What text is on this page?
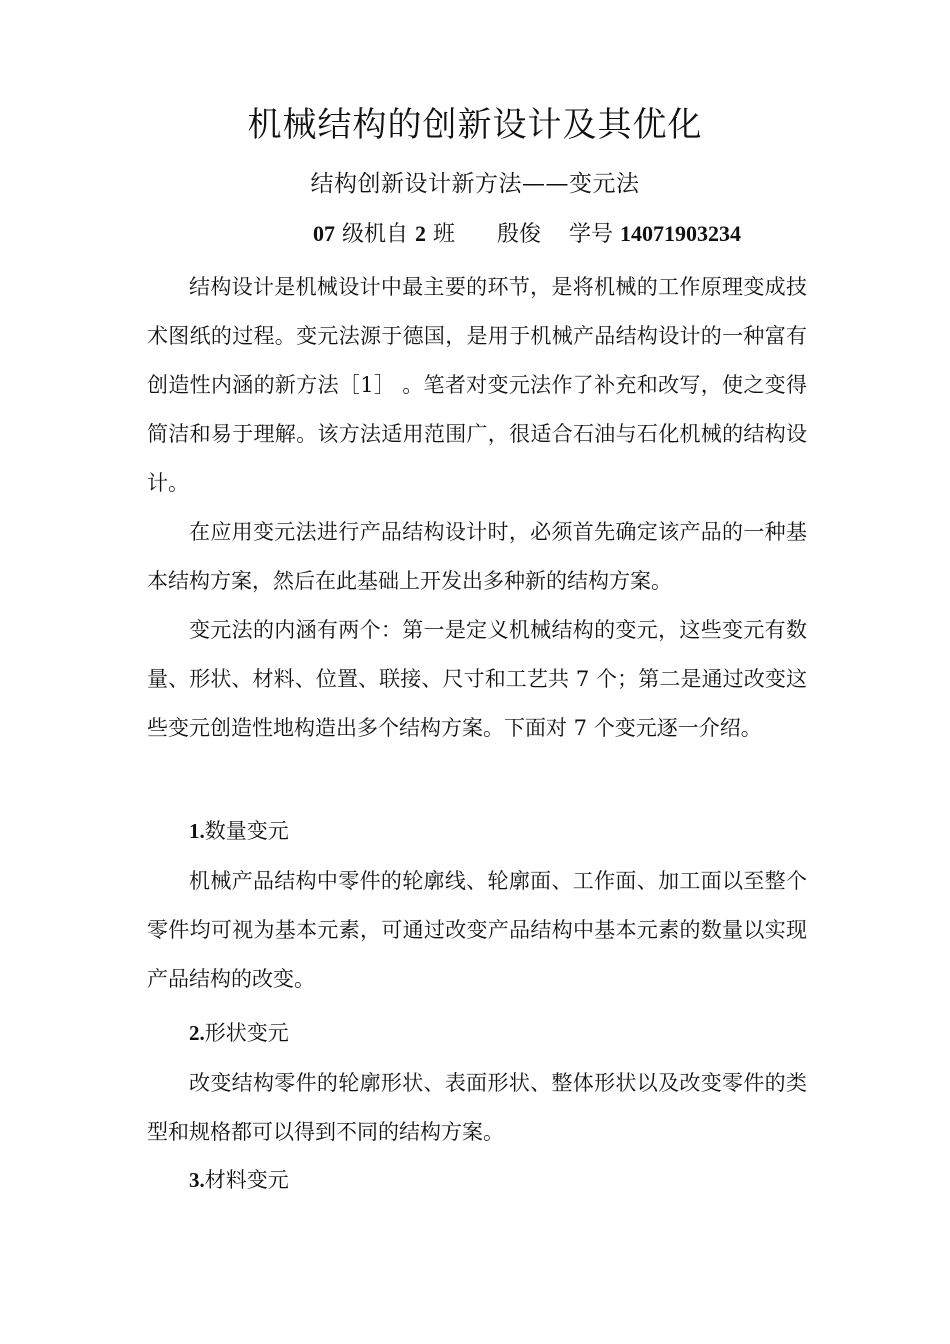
机械结构的创新设计及其优化
结构创新设计新方法——变元法
07 级机自 2 班 殷俊 学号 14071903234

结构设计是机械设计中最主要的环节，是将机械的工作原理变成技术图纸的过程。变元法源于德国，是用于机械产品结构设计的一种富有创造性内涵的新方法［1］ 。笔者对变元法作了补充和改写，使之变得简洁和易于理解。该方法适用范围广，很适合石油与石化机械的结构设计。

在应用变元法进行产品结构设计时，必须首先确定该产品的一种基本结构方案，然后在此基础上开发出多种新的结构方案。

变元法的内涵有两个：第一是定义机械结构的变元，这些变元有数量、形状、材料、位置、联接、尺寸和工艺共 7 个；第二是通过改变这些变元创造性地构造出多个结构方案。下面对 7 个变元逐一介绍。

1.数量变元

机械产品结构中零件的轮廓线、轮廓面、工作面、加工面以至整个零件均可视为基本元素，可通过改变产品结构中基本元素的数量以实现产品结构的改变。

2.形状变元

改变结构零件的轮廓形状、表面形状、整体形状以及改变零件的类型和规格都可以得到不同的结构方案。

3.材料变元
